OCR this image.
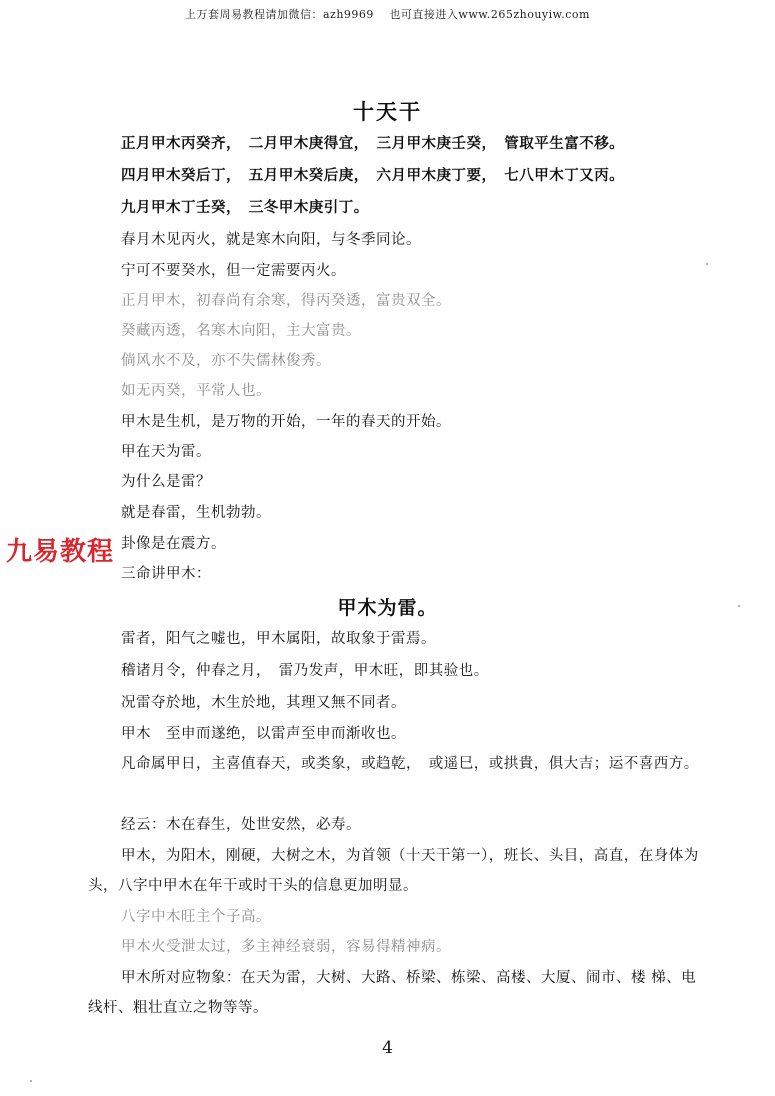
上万套周易教程请加微信：azh9969　 也可直接进入www.265zhouyiw.com
十天干
正月甲木丙癸齐，　二月甲木庚得宜，　三月甲木庚壬癸，　管取平生富不移。
四月甲木癸后丁，　五月甲木癸后庚，　六月甲木庚丁要，　七八甲木丁又丙。
九月甲木丁壬癸，　三冬甲木庚引丁。
春月木见丙火，就是寒木向阳，与冬季同论。
宁可不要癸水，但一定需要丙火。
正月甲木，初春尚有余寒，得丙癸透，富贵双全。
癸藏丙透，名寒木向阳，主大富贵。
倘风水不及，亦不失儒林俊秀。
如无丙癸，平常人也。
甲木是生机，是万物的开始，一年的春天的开始。
甲在天为雷。
为什么是雷？
就是春雷，生机勃勃。
卦像是在震方。
三命讲甲木：
九易教程
甲木为雷。
雷者，阳气之嘘也，甲木属阳，故取象于雷焉。
稽诸月令，仲春之月，　雷乃发声，甲木旺，即其验也。
况雷夺於地，木生於地，其理又無不同者。
甲木　至申而遂绝，以雷声至申而渐收也。
凡命属甲日，主喜值春天，或类象，或趋乾，　或遥巳，或拱貴，俱大吉；运不喜西方。
经云：木在春生，处世安然，必寿。
甲木，为阳木，刚硬，大树之木，为首领（十天干第一），班长、头目，高直，在身体为头，八字中甲木在年干或时干头的信息更加明显。
八字中木旺主个子高。
甲木火受泄太过，多主神经衰弱，容易得精神病。
甲木所对应物象：在天为雷，大树、大路、桥梁、栋梁、高楼、大厦、闹市、楼 梯、电线杆、粗壮直立之物等等。
4
